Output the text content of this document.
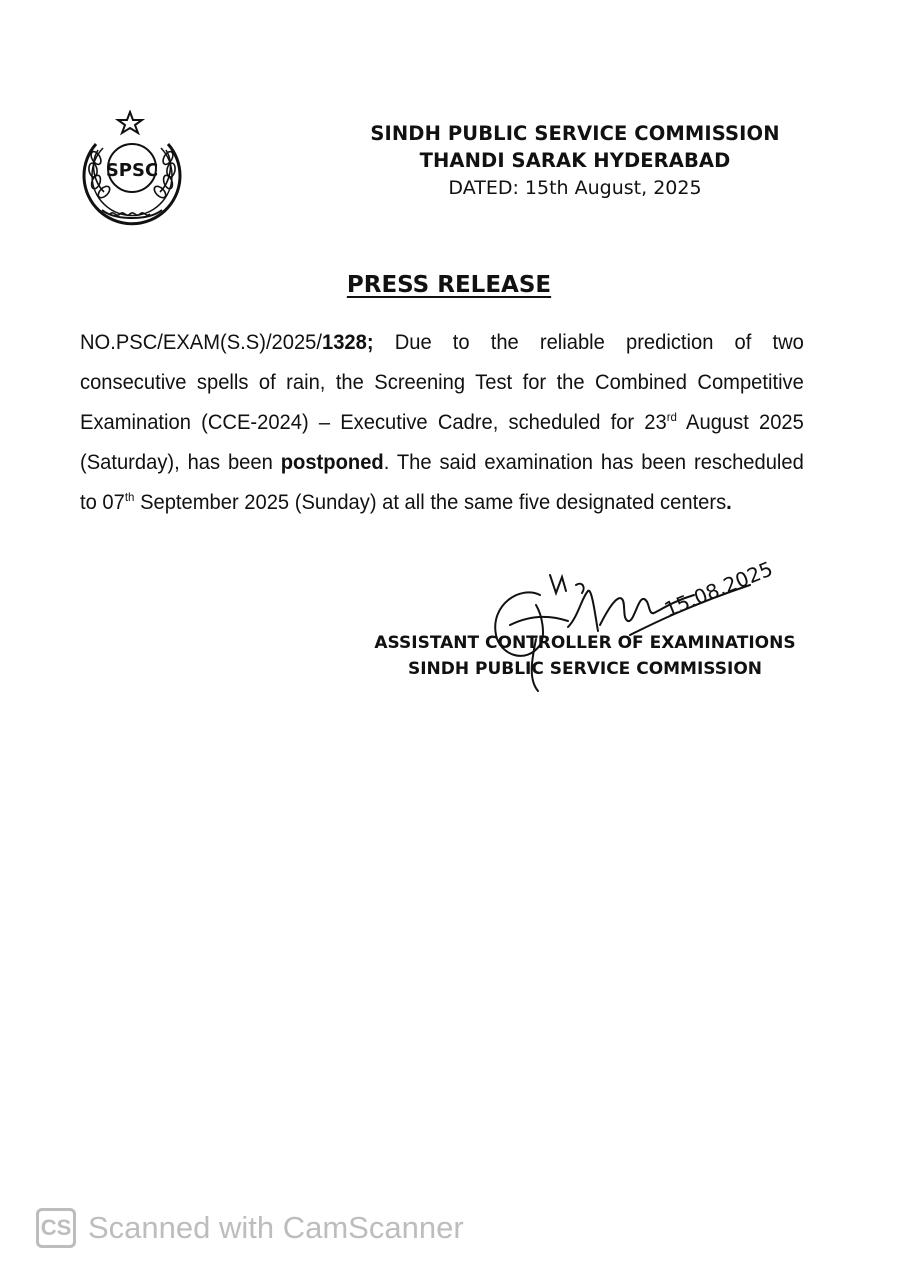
SPSC
SINDH PUBLIC SERVICE COMMISSION
THANDI SARAK HYDERABAD
DATED: 15th August, 2025
PRESS RELEASE
NO.PSC/EXAM(S.S)/2025/1328; Due to the reliable prediction of two consecutive spells of rain, the Screening Test for the Combined Competitive Examination (CCE-2024) – Executive Cadre, scheduled for 23rd August 2025 (Saturday), has been postponed. The said examination has been rescheduled to 07th September 2025 (Sunday) at all the same five designated centers.
15.08.2025
ASSISTANT CONTROLLER OF EXAMINATIONS
SINDH PUBLIC SERVICE COMMISSION
CS Scanned with CamScanner
